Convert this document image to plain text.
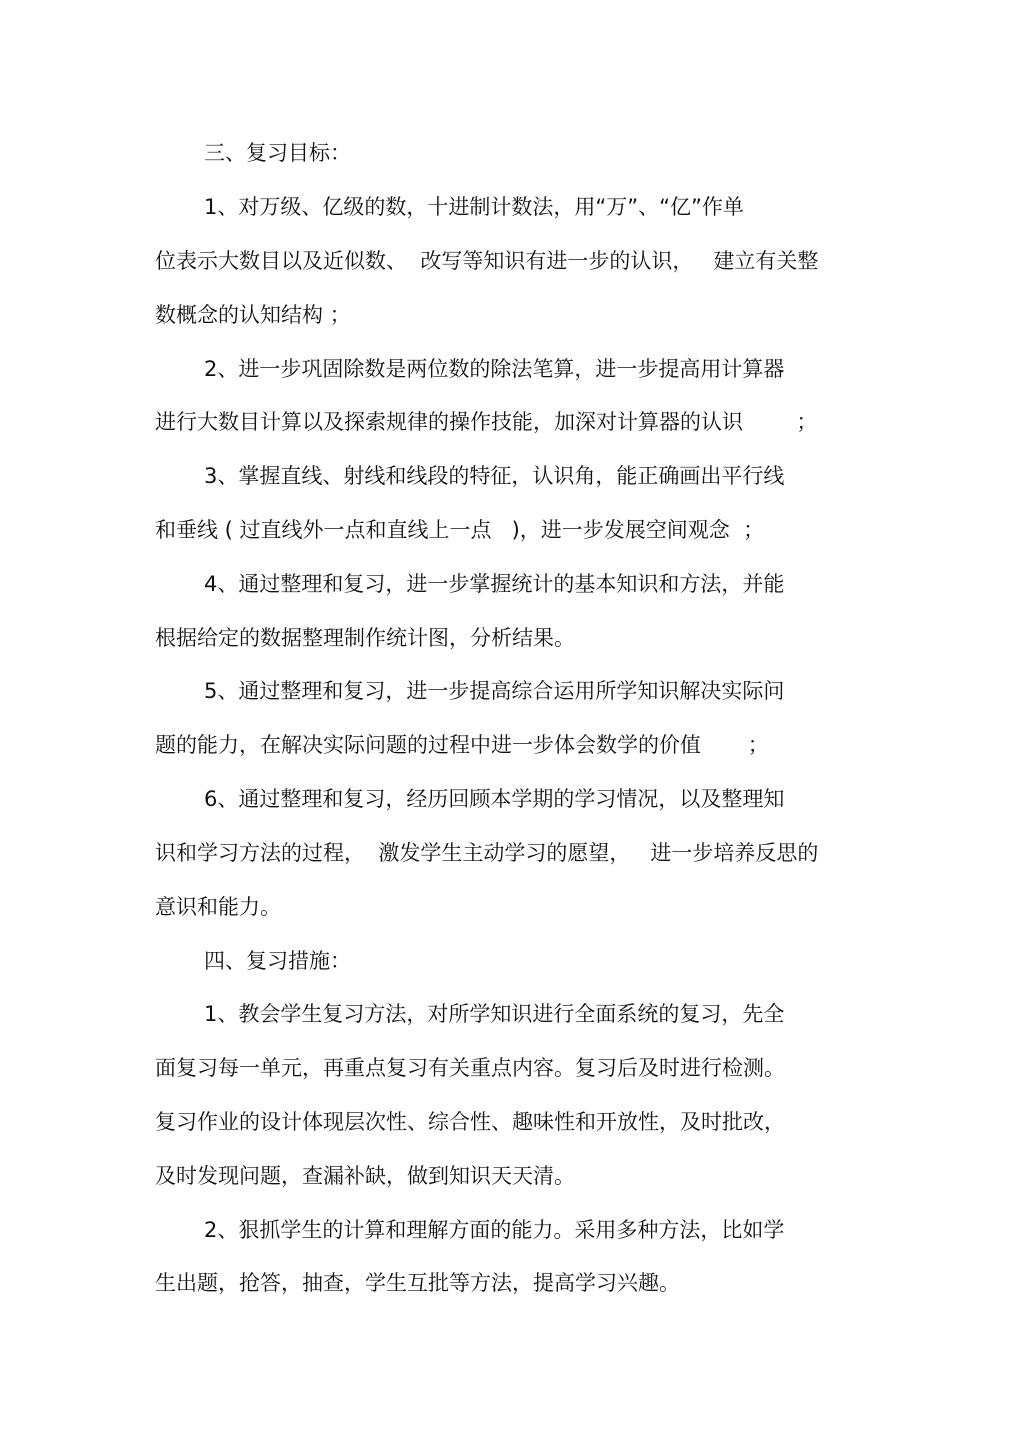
三、复习目标：
1、对万级、亿级的数，十进制计数法，用“万”、“亿”作单
位表示大数目以及近似数、  改写等知识有进一步的认识，   建立有关整
数概念的认知结构 ；
2、进一步巩固除数是两位数的除法笔算，进一步提高用计算器
进行大数目计算以及探索规律的操作技能，加深对计算器的认识        ；
3、掌握直线、射线和线段的特征，认识角，能正确画出平行线
和垂线 ( 过直线外一点和直线上一点   )，进一步发展空间观念  ；
4、通过整理和复习，进一步掌握统计的基本知识和方法，并能
根据给定的数据整理制作统计图，分析结果。
5、通过整理和复习，进一步提高综合运用所学知识解决实际问
题的能力，在解决实际问题的过程中进一步体会数学的价值       ；
6、通过整理和复习，经历回顾本学期的学习情况，以及整理知
识和学习方法的过程，  激发学生主动学习的愿望，   进一步培养反思的
意识和能力。
四、复习措施：
1、教会学生复习方法，对所学知识进行全面系统的复习，先全
面复习每一单元，再重点复习有关重点内容。复习后及时进行检测。
复习作业的设计体现层次性、综合性、趣味性和开放性，及时批改，
及时发现问题，查漏补缺，做到知识天天清。
2、狠抓学生的计算和理解方面的能力。采用多种方法，比如学
生出题，抢答，抽查，学生互批等方法，提高学习兴趣。
